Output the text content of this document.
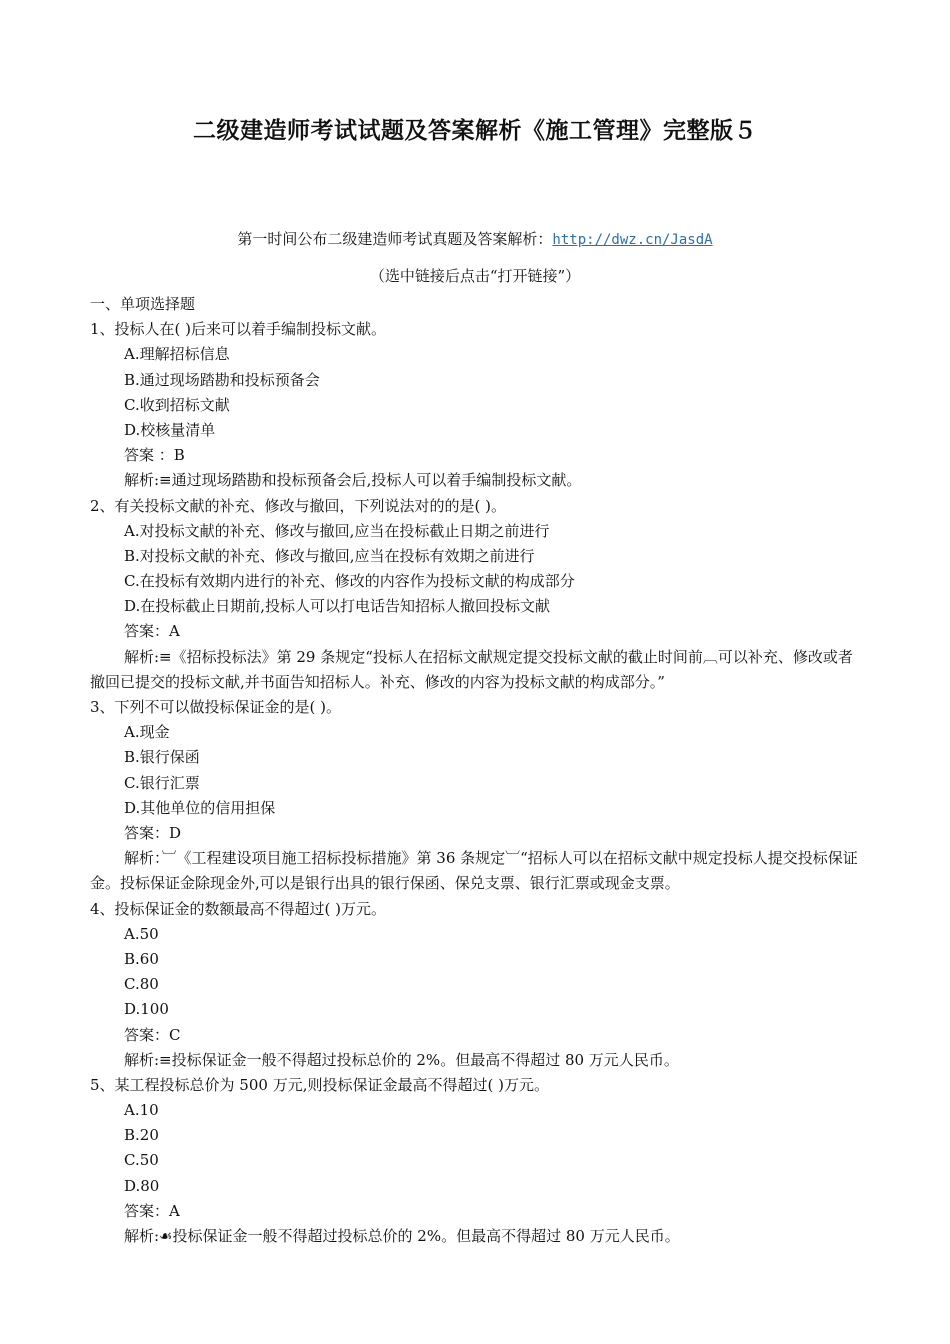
二级建造师考试试题及答案解析《施工管理》完整版５
第一时间公布二级建造师考试真题及答案解析：http://dwz.cn/JasdA
（选中链接后点击“打开链接”）
一、单项选择题
1、投标人在( )后来可以着手编制投标文献。
A.理解招标信息
B.通过现场踏勘和投标预备会
C.收到招标文献
D.校核量清单
答案 ：B
解析:≡通过现场踏勘和投标预备会后,投标人可以着手编制投标文献。
2、有关投标文献的补充、修改与撤回，下列说法对的的是( )。
A.对投标文献的补充、修改与撤回,应当在投标截止日期之前进行
B.对投标文献的补充、修改与撤回,应当在投标有效期之前进行
C.在投标有效期内进行的补充、修改的内容作为投标文献的构成部分
D.在投标截止日期前,投标人可以打电话告知招标人撤回投标文献
答案：A
解析:≡《招标投标法》第 29 条规定“投标人在招标文献规定提交投标文献的截止时间前︹可以补充、修改或者撤回已提交的投标文献,并书面告知招标人。补充、修改的内容为投标文献的构成部分。”
3、下列不可以做投标保证金的是( )。
A.现金
B.银行保函
C.银行汇票
D.其他单位的信用担保
答案：D
解析：︺《工程建设项目施工招标投标措施》第 36 条规定︺“招标人可以在招标文献中规定投标人提交投标保证金。投标保证金除现金外,可以是银行出具的银行保函、保兑支票、银行汇票或现金支票。
4、投标保证金的数额最高不得超过( )万元。
A.50
B.60
C.80
D.100
答案：C
解析:≡投标保证金一般不得超过投标总价的 2%。但最高不得超过 80 万元人民币。
5、某工程投标总价为 500 万元,则投标保证金最高不得超过( )万元。
A.10
B.20
C.50
D.80
答案：A
解析:☙投标保证金一般不得超过投标总价的 2%。但最高不得超过 80 万元人民币。
